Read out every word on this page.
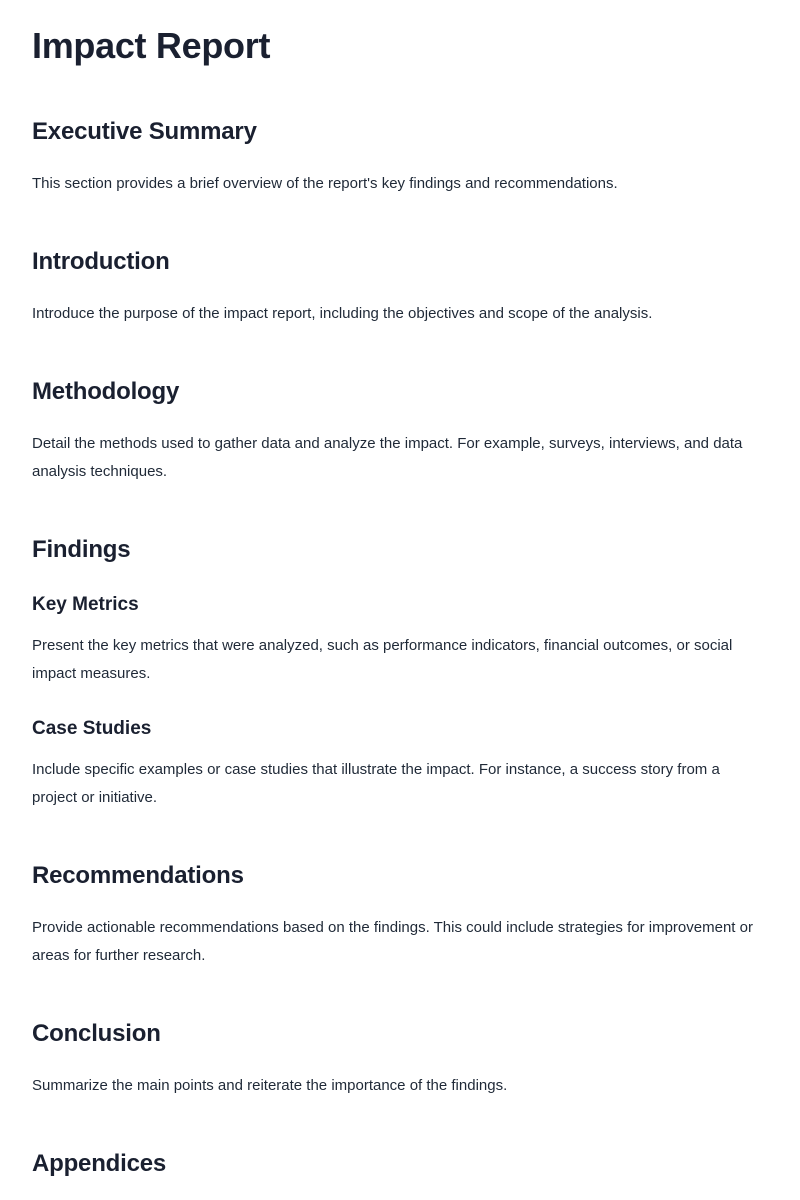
Impact Report
Executive Summary

This section provides a brief overview of the report's key findings and recommendations.

Introduction

Introduce the purpose of the impact report, including the objectives and scope of the analysis.

Methodology

Detail the methods used to gather data and analyze the impact. For example, surveys, interviews, and data analysis techniques.

Findings
Key Metrics

Present the key metrics that were analyzed, such as performance indicators, financial outcomes, or social impact measures.

Case Studies

Include specific examples or case studies that illustrate the impact. For instance, a success story from a project or initiative.

Recommendations

Provide actionable recommendations based on the findings. This could include strategies for improvement or areas for further research.

Conclusion

Summarize the main points and reiterate the importance of the findings.

Appendices
